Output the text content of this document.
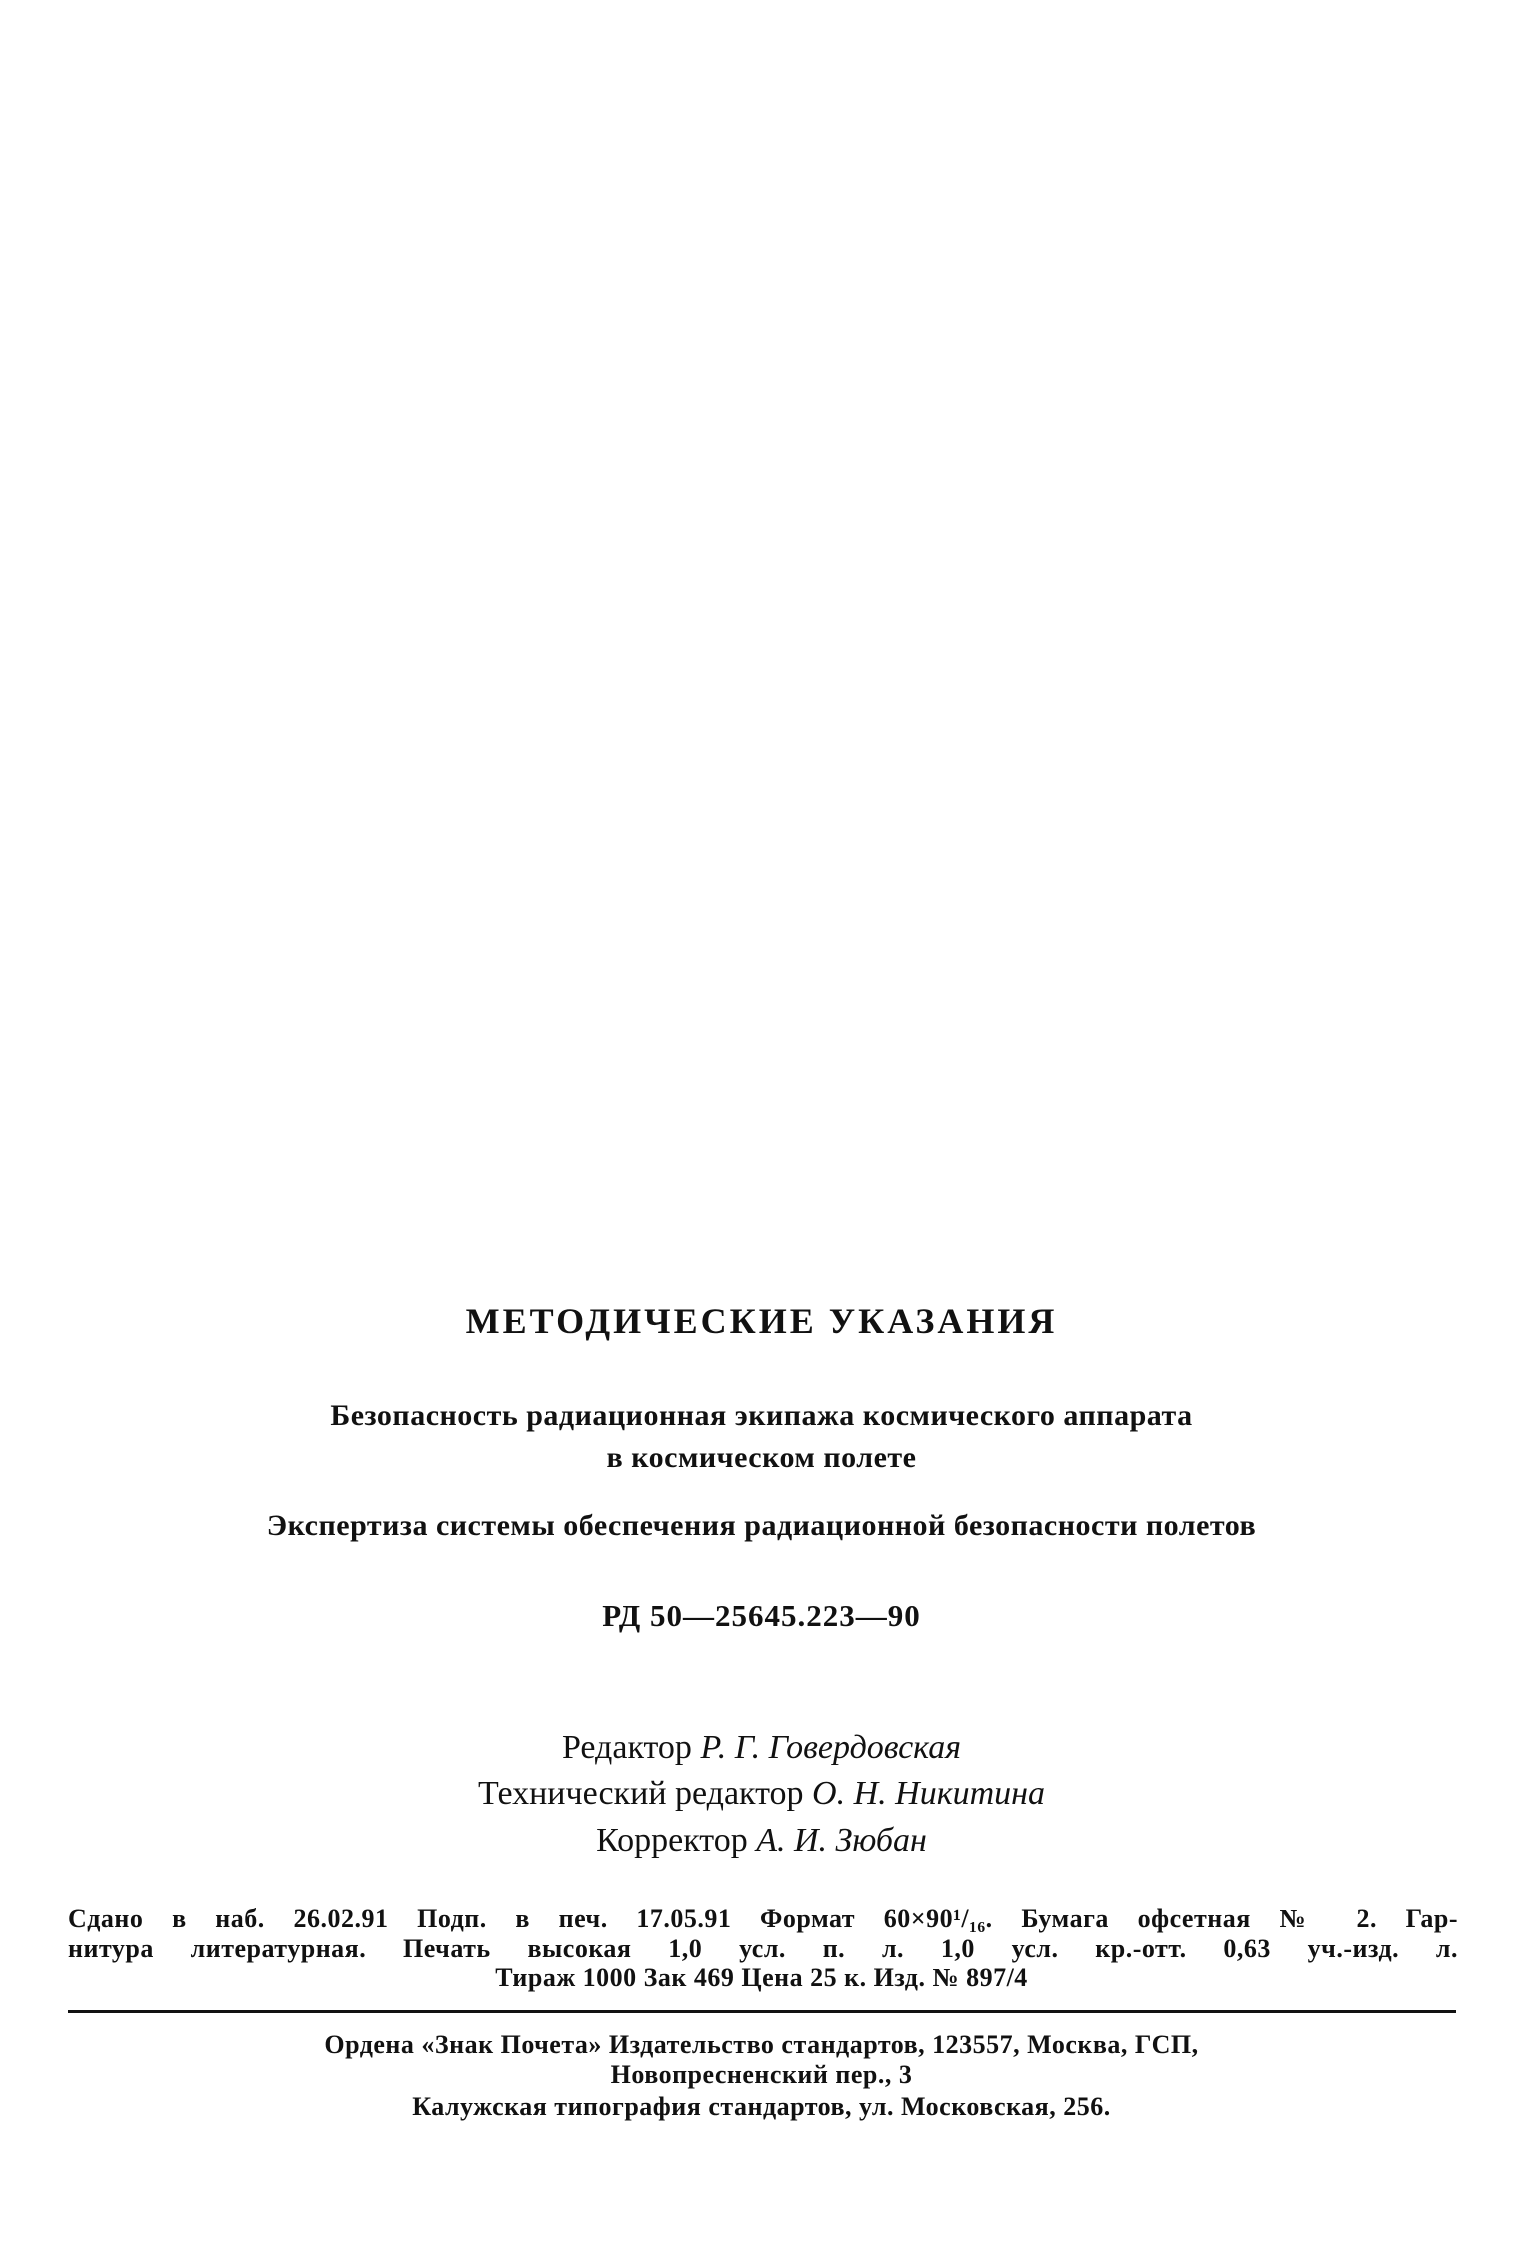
МЕТОДИЧЕСКИЕ УКАЗАНИЯ
Безопасность радиационная экипажа космического аппарата
в космическом полете
Экспертиза системы обеспечения радиационной безопасности полетов
РД 50—25645.223—90
Редактор Р. Г. Говердовская
Технический редактор О. Н. Никитина
Корректор А. И. Зюбан
Сдано в наб. 26.02.91 Подп. в печ. 17.05.91 Формат 60×90¹/₁₆. Бумага офсетная № 2. Гар-
нитура литературная. Печать высокая 1,0 усл. п. л. 1,0 усл. кр.-отт. 0,63 уч.-изд. л.
Тираж 1000 Зак 469 Цена 25 к. Изд. № 897/4
Ордена «Знак Почета» Издательство стандартов, 123557, Москва, ГСП,
Новопресненский пер., 3
Калужская типография стандартов, ул. Московская, 256.
